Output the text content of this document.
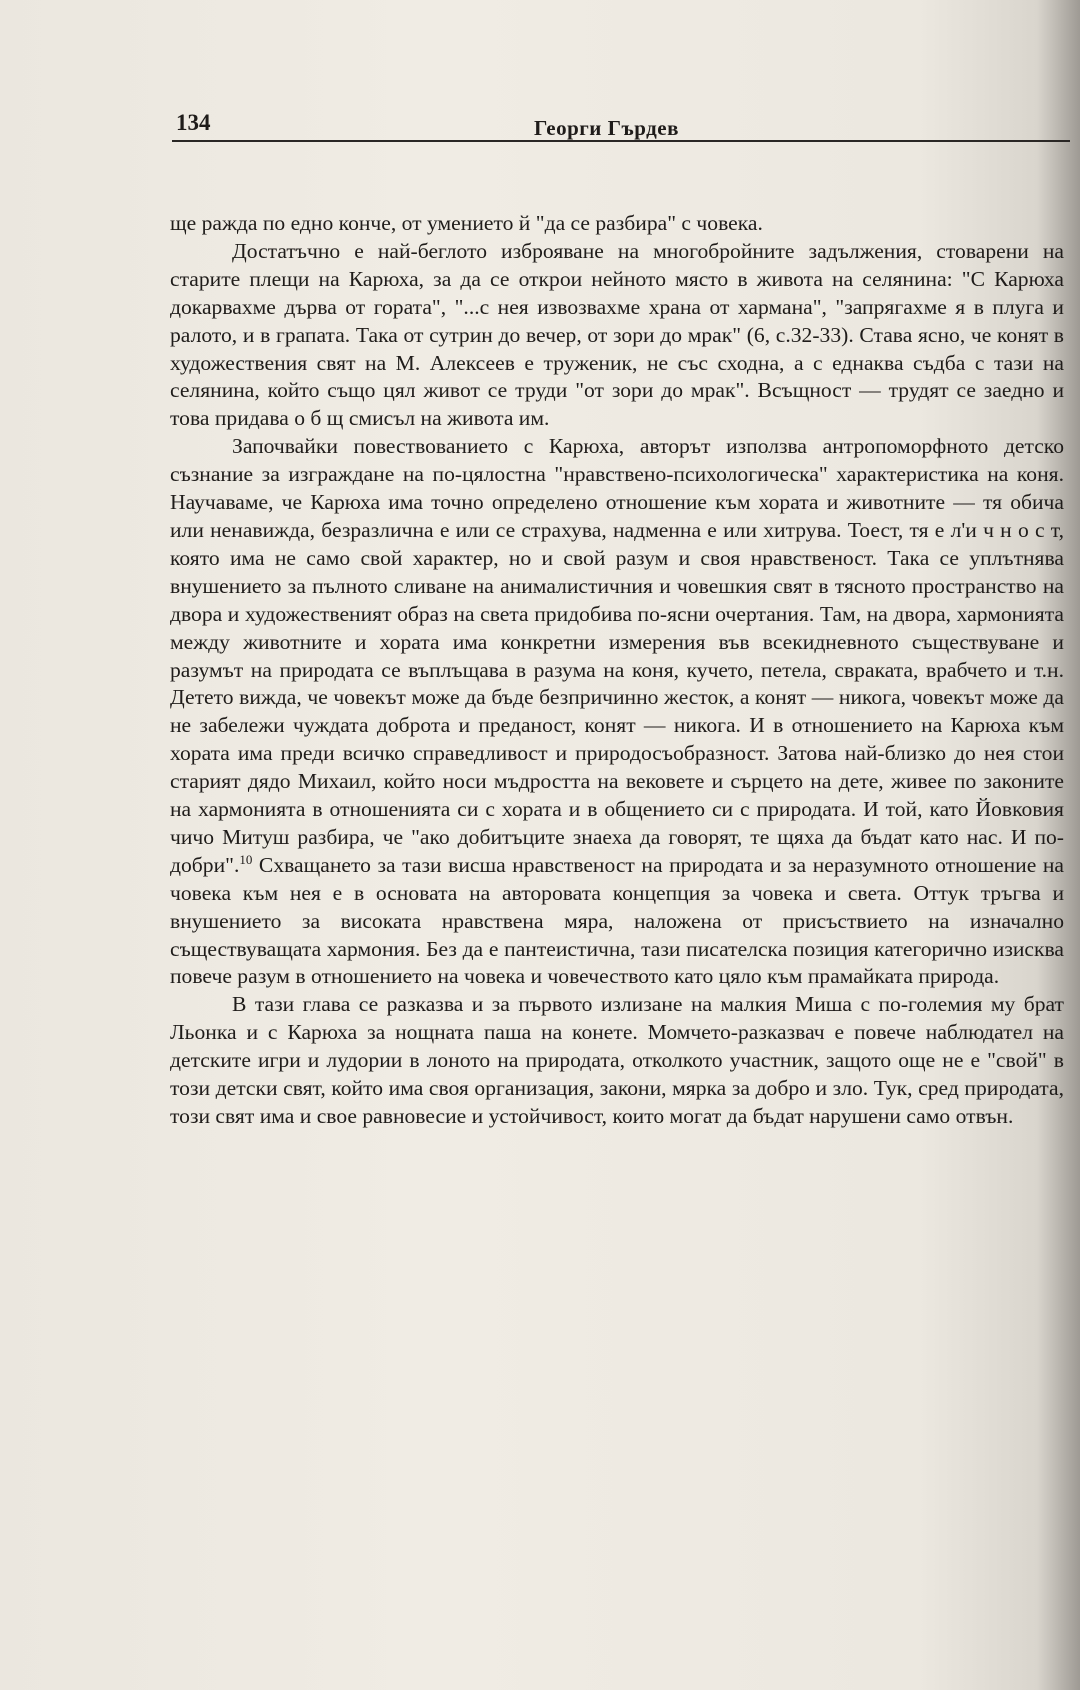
134	Георги Гърдев

ще ражда по едно конче, от умението й "да се разбира" с човека.

Достатъчно е най-беглото изброяване на многобройните задължения, стоварени на старите плещи на Карюха, за да се открои нейното място в живота на селянина: "С Карюха докарвахме дърва от гората", "...с нея извозвахме храна от хармана", "запрягахме я в плуга и ралото, и в грапата. Така от сутрин до вечер, от зори до мрак" (6, с.32-33). Става ясно, че конят в художествения свят на М. Алексеев е труженик, не със сходна, а с еднаква съдба с тази на селянина, който също цял живот се труди "от зори до мрак". Всъщност — трудят се заедно и това придава о б щ смисъл на живота им.

Започвайки повествованието с Карюха, авторът използва антропоморфното детско съзнание за изграждане на по-цялостна "нравствено-психологическа" характеристика на коня. Научаваме, че Карюха има точно определено отношение към хората и животните — тя обича или ненавижда, безразлична е или се страхува, надменна е или хитрува. Тоест, тя е л'и ч н о с т, която има не само свой характер, но и свой разум и своя нравственост. Така се уплътнява внушението за пълното сливане на анималистичния и човешкия свят в тясното пространство на двора и художественият образ на света придобива по-ясни очертания. Там, на двора, хармонията между животните и хората има конкретни измерения във всекидневното съществуване и разумът на природата се въплъщава в разума на коня, кучето, петела, свраката, врабчето и т.н. Детето вижда, че човекът може да бъде безпричинно жесток, а конят — никога, човекът може да не забележи чуждата доброта и преданост, конят — никога. И в отношението на Карюха към хората има преди всичко справедливост и природосъобразност. Затова най-близко до нея стои старият дядо Михаил, който носи мъдростта на вековете и сърцето на дете, живее по законите на хармонията в отношенията си с хората и в общението си с природата. И той, като Йовковия чичо Митуш разбира, че "ако добитъците знаеха да говорят, те щяха да бъдат като нас. И по-добри".$^{10}$ Схващането за тази висша нравственост на природата и за неразумното отношение на човека към нея е в основата на авторовата концепция за човека и света. Оттук тръгва и внушението за високата нравствена мяра, наложена от присъствието на изначално съществуващата хармония. Без да е пантеистична, тази писателска позиция категорично изисква повече разум в отношението на човека и човечеството като цяло към прамайката природа.

В тази глава се разказва и за първото излизане на малкия Миша с по-големия му брат Льонка и с Карюха за нощната паша на конете. Момчето-разказвач е повече наблюдател на детските игри и лудории в лоното на природата, отколкото участник, защото още не е "свой" в този детски свят, който има своя организация, закони, мярка за добро и зло. Тук, сред природата, този свят има и свое равновесие и устойчивост, които могат да бъдат нарушени само отвън.
